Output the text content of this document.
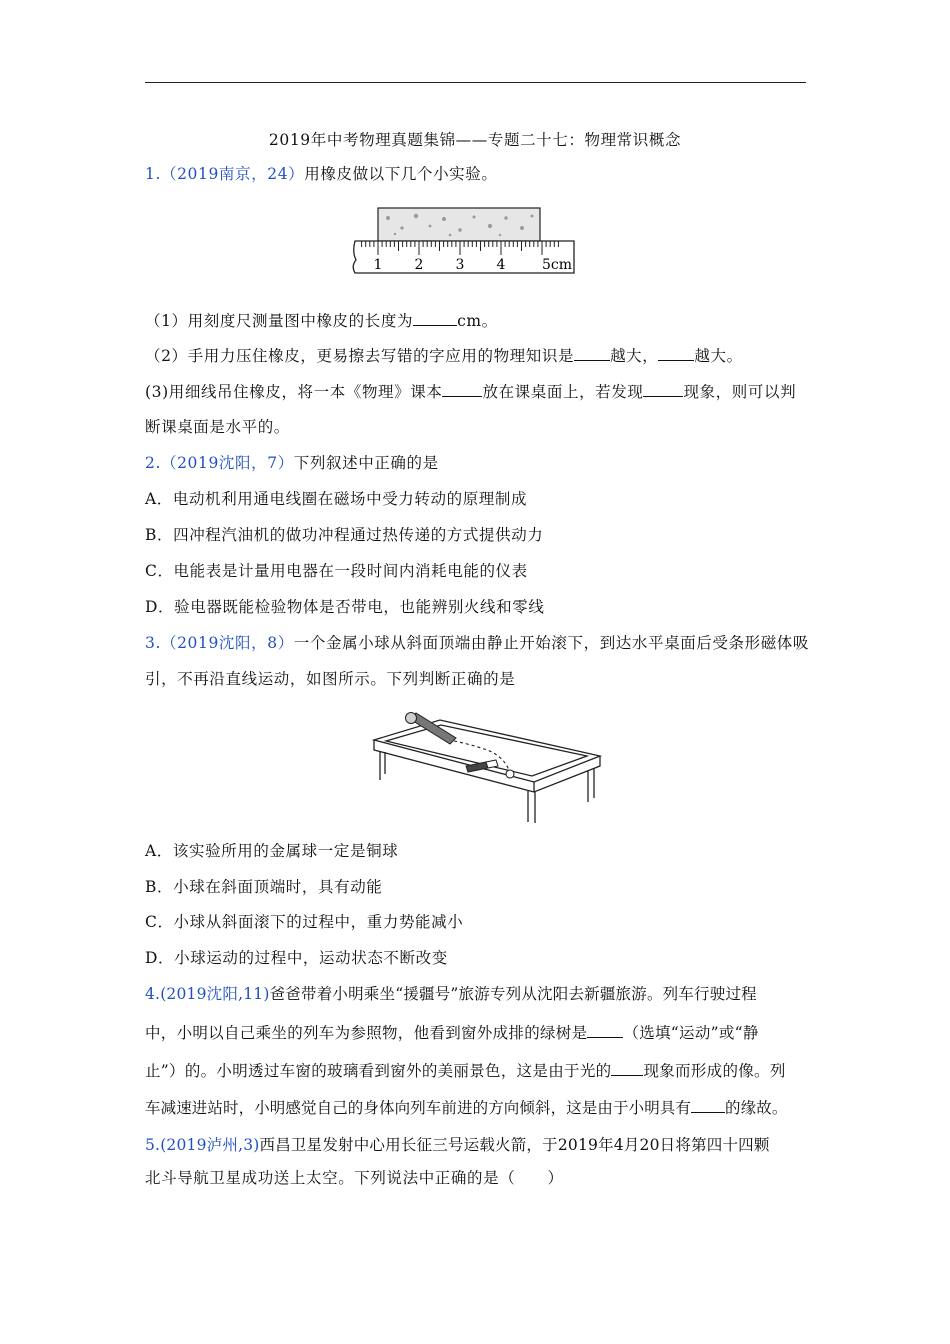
2019年中考物理真题集锦——专题二十七：物理常识概念
1.（2019南京，24）用橡皮做以下几个小实验。
1 2 3 4	5cm
（1）用刻度尺测量图中橡皮的长度为	cm。
（2）手用力压住橡皮，更易擦去写错的字应用的物理知识是 越大， 越大。
(3)用细线吊住橡皮，将一本《物理》课本	放在课桌面上，若发现	现象，则可以判
断课桌面是水平的。
2.（2019沈阳，7）下列叙述中正确的是
A．电动机利用通电线圈在磁场中受力转动的原理制成
B．四冲程汽油机的做功冲程通过热传递的方式提供动力
C．电能表是计量用电器在一段时间内消耗电能的仪表
D．验电器既能检验物体是否带电，也能辨别火线和零线
3.（2019沈阳，8）一个金属小球从斜面顶端由静止开始滚下，到达水平桌面后受条形磁体吸
引，不再沿直线运动，如图所示。下列判断正确的是
A．该实验所用的金属球一定是铜球
B．小球在斜面顶端时，具有动能
C．小球从斜面滚下的过程中，重力势能减小
D．小球运动的过程中，运动状态不断改变
4.(2019沈阳,11)爸爸带着小明乘坐“援疆号”旅游专列从沈阳去新疆旅游。列车行驶过程
中，小明以自己乘坐的列车为参照物，他看到窗外成排的绿树是 （选填“运动”或“静
止”）的。小明透过车窗的玻璃看到窗外的美丽景色，这是由于光的 现象而形成的像。列
车减速进站时，小明感觉自己的身体向列车前进的方向倾斜，这是由于小明具有 的缘故。
5.(2019泸州,3)西昌卫星发射中心用长征三号运载火箭，于2019年4月20日将第四十四颗
北斗导航卫星成功送上太空。下列说法中正确的是（　　）
